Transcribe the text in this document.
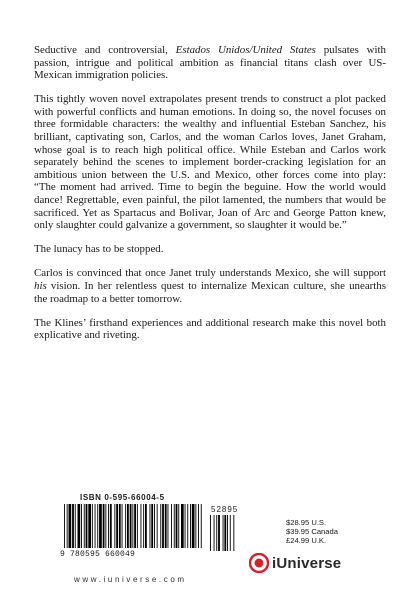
Seductive and controversial, Estados Unidos/United States pulsates with passion, intrigue and political ambition as financial titans clash over US-Mexican immigration policies.

This tightly woven novel extrapolates present trends to construct a plot packed with powerful conflicts and human emotions. In doing so, the novel focuses on three formidable characters: the wealthy and influential Esteban Sanchez, his brilliant, captivating son, Carlos, and the woman Carlos loves, Janet Graham, whose goal is to reach high political office. While Esteban and Carlos work separately behind the scenes to implement border-cracking legislation for an ambitious union between the U.S. and Mexico, other forces come into play: “The moment had arrived. Time to begin the beguine. How the world would dance! Regrettable, even painful, the pilot lamented, the numbers that would be sacrificed. Yet as Spartacus and Bolivar, Joan of Arc and George Patton knew, only slaughter could galvanize a government, so slaughter it would be.”

The lunacy has to be stopped.

Carlos is convinced that once Janet truly understands Mexico, she will support his vision. In her relentless quest to internalize Mexican culture, she unearths the roadmap to a better tomorrow.

The Klines’ firsthand experiences and additional research make this novel both explicative and riveting.

ISBN 0-595-66004-5
52895
9 780595 660049
$28.95 U.S.
$39.95 Canada
£24.99 U.K.
iUniverse
www.iuniverse.com
